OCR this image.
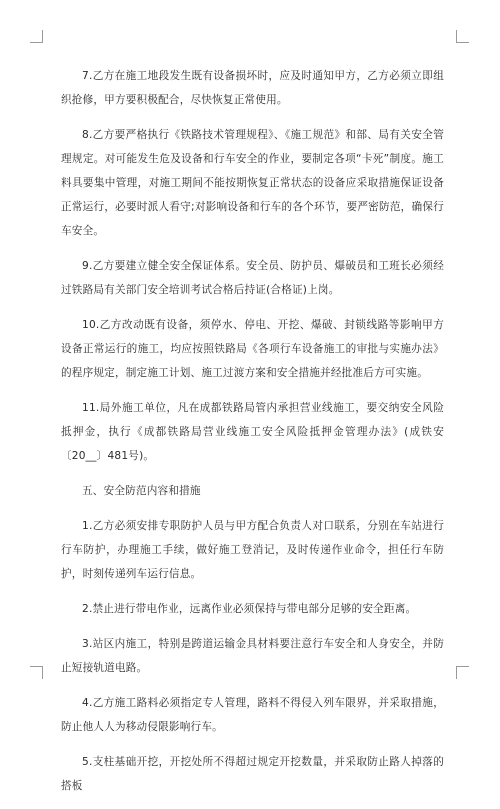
7.乙方在施工地段发生既有设备损坏时，应及时通知甲方，乙方必须立即组织抢修，甲方要积极配合，尽快恢复正常使用。

8.乙方要严格执行《铁路技术管理规程》、《施工规范》和部、局有关安全管理规定。对可能发生危及设备和行车安全的作业，要制定各项“卡死”制度。施工料具要集中管理，对施工期间不能按期恢复正常状态的设备应采取措施保证设备正常运行，必要时派人看守;对影响设备和行车的各个环节，要严密防范，确保行车安全。

9.乙方要建立健全安全保证体系。安全员、防护员、爆破员和工班长必须经过铁路局有关部门安全培训考试合格后持证(合格证)上岗。

10.乙方改动既有设备，须停水、停电、开挖、爆破、封锁线路等影响甲方设备正常运行的施工，均应按照铁路局《各项行车设备施工的审批与实施办法》的程序规定，制定施工计划、施工过渡方案和安全措施并经批准后方可实施。

11.局外施工单位，凡在成都铁路局管内承担营业线施工，要交纳安全风险抵押金，执行《成都铁路局营业线施工安全风险抵押金管理办法》(成铁安〔20__〕481号)。

五、安全防范内容和措施

1.乙方必须安排专职防护人员与甲方配合负责人对口联系，分别在车站进行行车防护，办理施工手续，做好施工登消记，及时传递作业命令，担任行车防护，时刻传递列车运行信息。

2.禁止进行带电作业，远离作业必须保持与带电部分足够的安全距离。

3.站区内施工，特别是跨道运输金具材料要注意行车安全和人身安全，并防止短接轨道电路。

4.乙方施工路料必须指定专人管理，路料不得侵入列车限界，并采取措施，防止他人人为移动侵限影响行车。

5.支柱基础开挖，开挖处所不得超过规定开挖数量，并采取防止路人掉落的搭板
